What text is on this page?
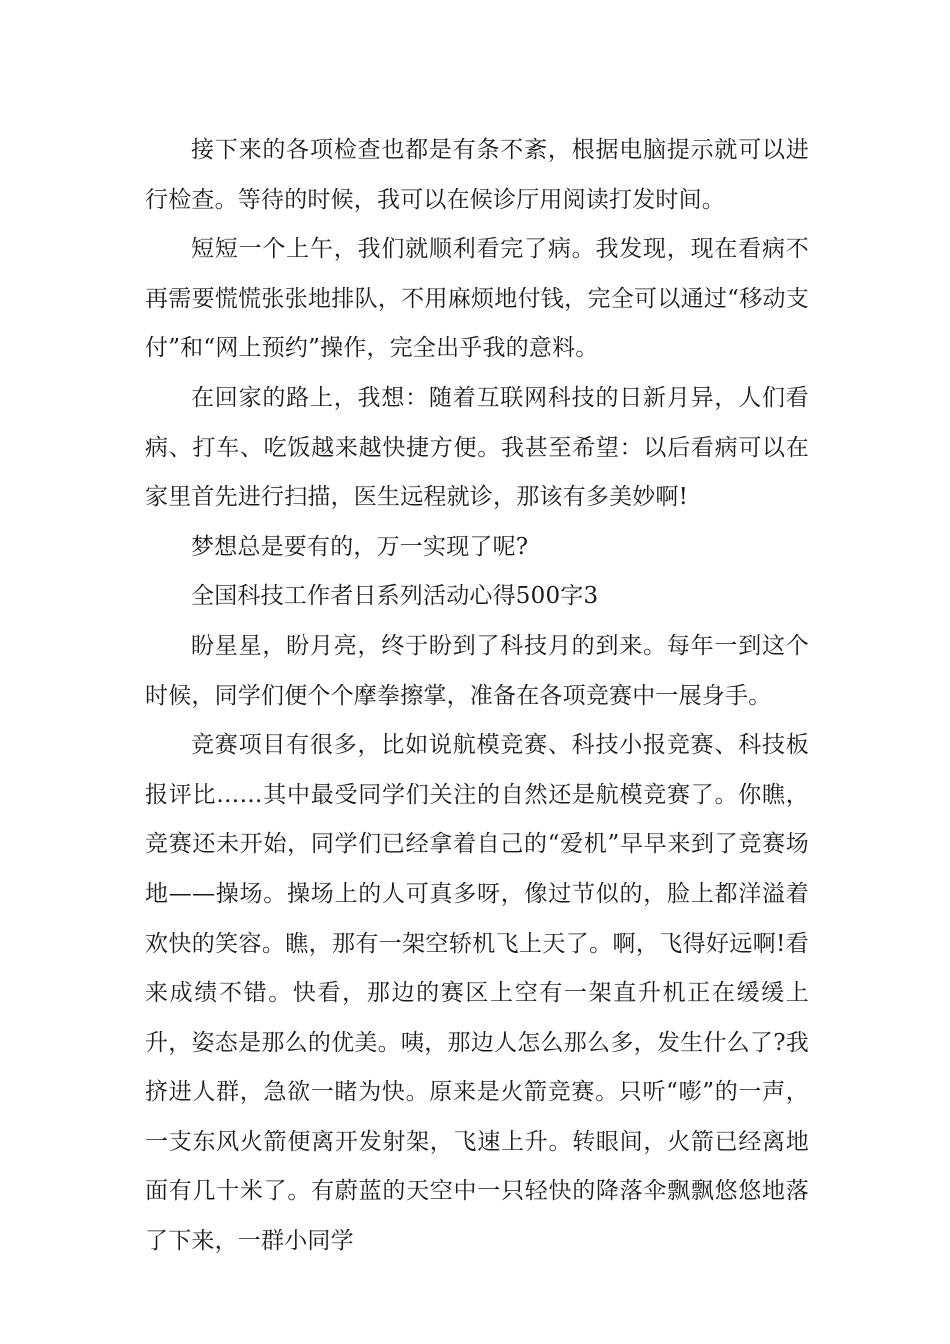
接下来的各项检查也都是有条不紊，根据电脑提示就可以进行检查。等待的时候，我可以在候诊厅用阅读打发时间。

短短一个上午，我们就顺利看完了病。我发现，现在看病不再需要慌慌张张地排队，不用麻烦地付钱，完全可以通过“移动支付”和“网上预约”操作，完全出乎我的意料。

在回家的路上，我想：随着互联网科技的日新月异，人们看病、打车、吃饭越来越快捷方便。我甚至希望：以后看病可以在家里首先进行扫描，医生远程就诊，那该有多美妙啊!

梦想总是要有的，万一实现了呢?

全国科技工作者日系列活动心得500字3

盼星星，盼月亮，终于盼到了科技月的到来。每年一到这个时候，同学们便个个摩拳擦掌，准备在各项竞赛中一展身手。

竞赛项目有很多，比如说航模竞赛、科技小报竞赛、科技板报评比……其中最受同学们关注的自然还是航模竞赛了。你瞧，竞赛还未开始，同学们已经拿着自己的“爱机”早早来到了竞赛场地——操场。操场上的人可真多呀，像过节似的，脸上都洋溢着欢快的笑容。瞧，那有一架空轿机飞上天了。啊，飞得好远啊!看来成绩不错。快看，那边的赛区上空有一架直升机正在缓缓上升，姿态是那么的优美。咦，那边人怎么那么多，发生什么了?我挤进人群，急欲一睹为快。原来是火箭竞赛。只听“嘭”的一声，一支东风火箭便离开发射架，飞速上升。转眼间，火箭已经离地面有几十米了。有蔚蓝的天空中一只轻快的降落伞飘飘悠悠地落了下来，一群小同学
